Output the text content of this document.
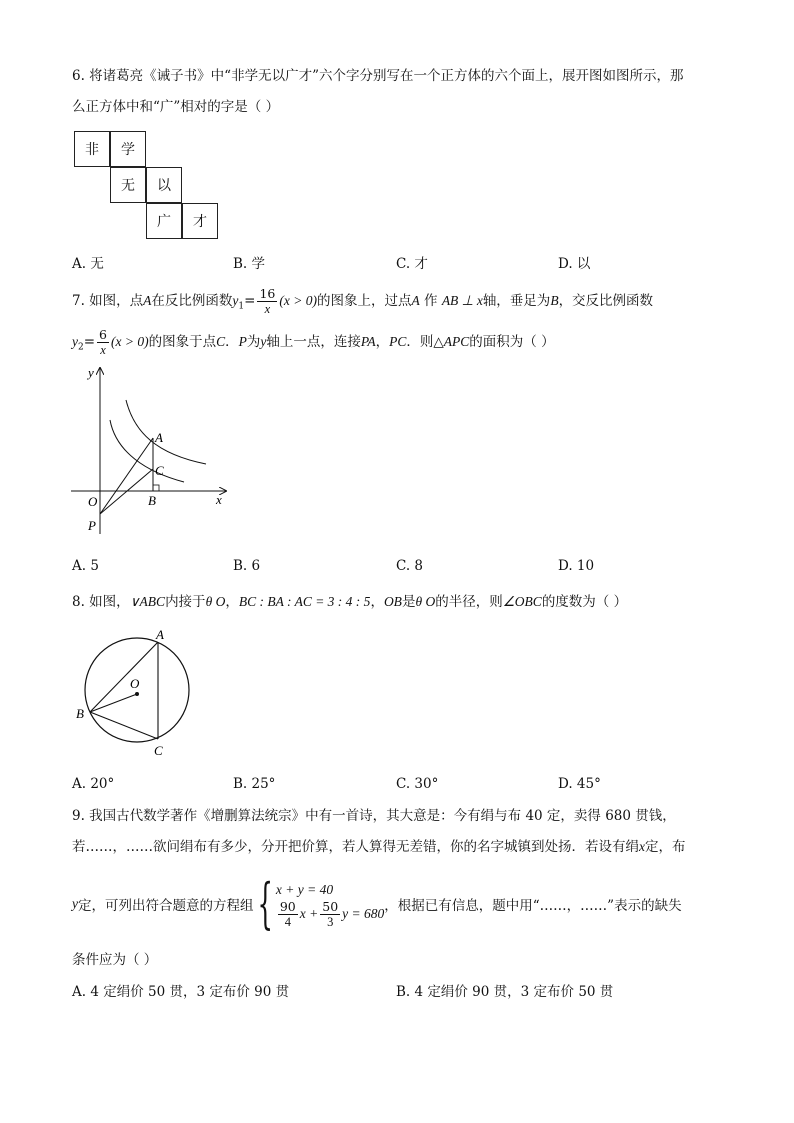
6. 将诸葛亮《诫子书》中“非学无以广才”六个字分别写在一个正方体的六个面上，展开图如图所示，那
么正方体中和“广”相对的字是（ ）
非	学
无	以
广	才
A. 无	B. 学	C. 才	D. 以
7. 如图，点A在反比例函数$y_1= \frac{16}{x} (x > 0)$的图象上，过点A 作 AB ⊥ x轴，垂足为B，交反比例函数
$y_2= \frac{6}{x} (x > 0)$的图象于点C．P为y轴上一点，连接PA，PC．则△APC的面积为（ ）
y
x
O
A
B
C
P
A. 5	B. 6	C. 8	D. 10
8. 如图，∨ABC内接于θ O，BC : BA : AC = 3 : 4 : 5，OB是θ O的半径，则∠OBC的度数为（ ）
A
B
C
O
A. 20°	B. 25°	C. 30°	D. 45°
9. 我国古代数学著作《增删算法统宗》中有一首诗，其大意是：今有绢与布 40 定，卖得 680 贯钱，
若……，……欲问绢布有多少，分开把价算，若人算得无差错，你的名字城镇到处扬．若设有绢x定，布
y 定，可列出符合题意的方程组 { x + y = 40
$\frac{90}{4}$ $x + \frac{50}{3}$ y = 680 ，根据已有信息，题中用“……，……”表示的缺失
条件应为（ ）
A. 4 定绢价 50 贯，3 定布价 90 贯	B. 4 定绢价 90 贯，3 定布价 50 贯
